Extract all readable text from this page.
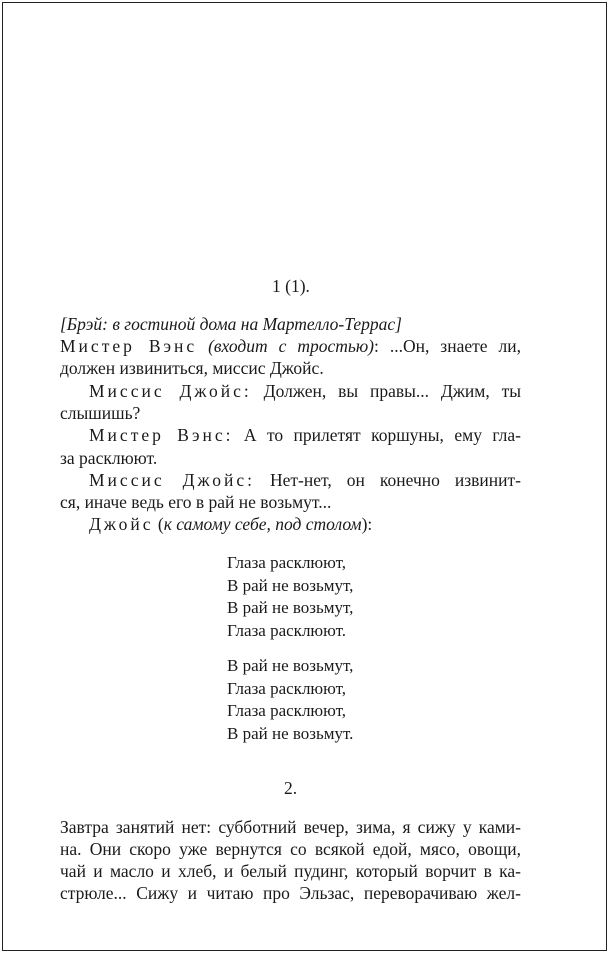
1 (1).
[Брэй: в гостиной дома на Мартелло-Террас]
Мистер Вэнс (входит с тростью): ...Он, знаете ли,
должен извиниться, миссис Джойс.
Миссис Джойс: Должен, вы правы... Джим, ты
слышишь?
Мистер Вэнс: А то прилетят коршуны, ему гла-
за расклюют.
Миссис Джойс: Нет-нет, он конечно извинит-
ся, иначе ведь его в рай не возьмут...
Джойс (к самому себе, под столом):
Глаза расклюют,
В рай не возьмут,
В рай не возьмут,
Глаза расклюют.
В рай не возьмут,
Глаза расклюют,
Глаза расклюют,
В рай не возьмут.
2.
Завтра занятий нет: субботний вечер, зима, я сижу у ками-
на. Они скоро уже вернутся со всякой едой, мясо, овощи,
чай и масло и хлеб, и белый пудинг, который ворчит в ка-
стрюле... Сижу и читаю про Эльзас, переворачиваю жел-
